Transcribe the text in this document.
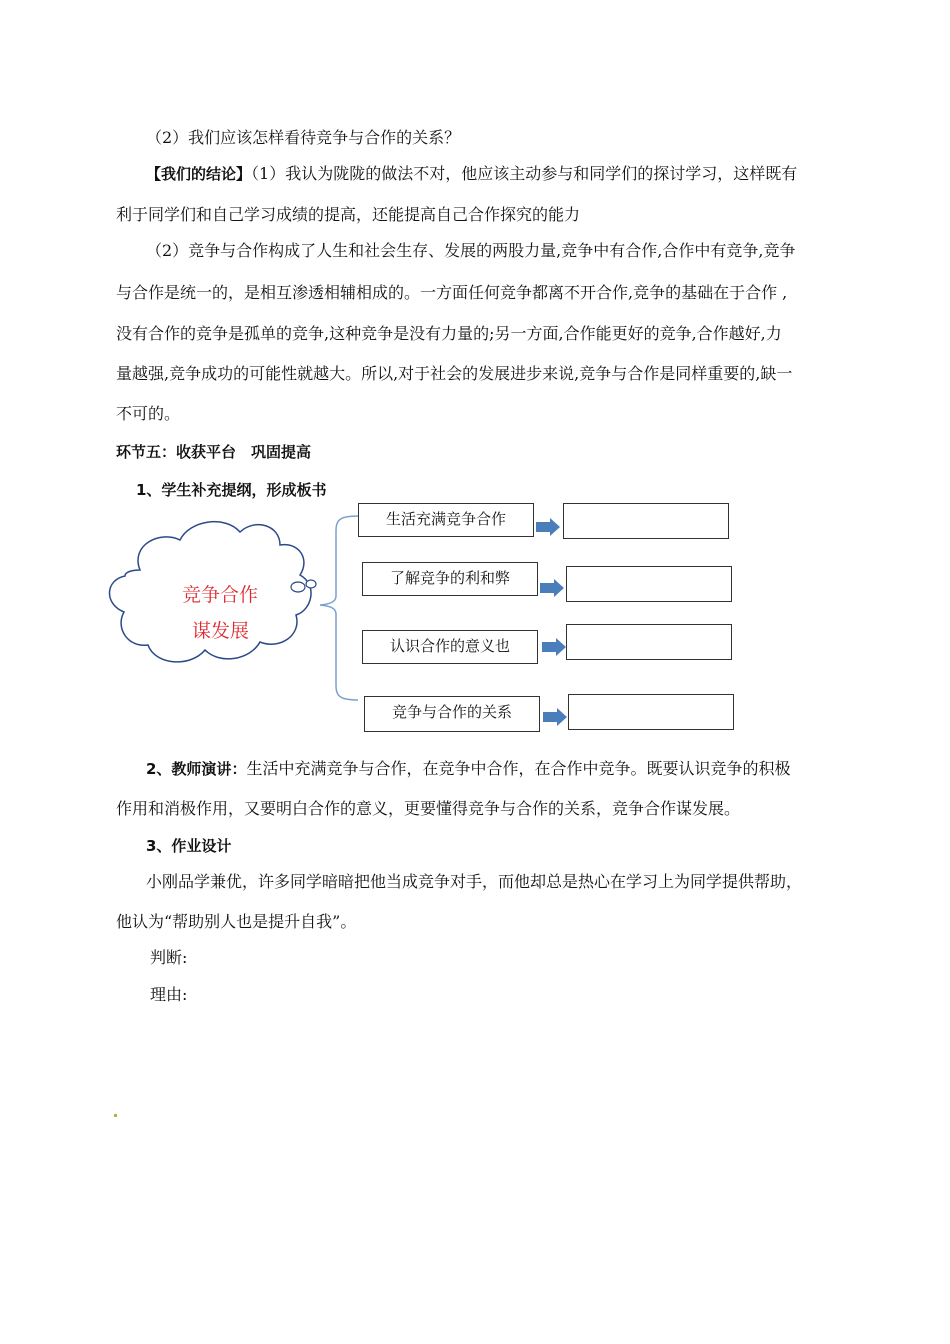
（2）我们应该怎样看待竞争与合作的关系？
【我们的结论】（1）我认为陇陇的做法不对，他应该主动参与和同学们的探讨学习，这样既有
利于同学们和自己学习成绩的提高，还能提高自己合作探究的能力
（2）竞争与合作构成了人生和社会生存、发展的两股力量,竞争中有合作,合作中有竞争,竞争
与合作是统一的，是相互渗透相辅相成的。一方面任何竞争都离不开合作,竞争的基础在于合作 ,
没有合作的竞争是孤单的竞争,这种竞争是没有力量的;另一方面,合作能更好的竞争,合作越好,力
量越强,竞争成功的可能性就越大。所以,对于社会的发展进步来说,竞争与合作是同样重要的,缺一
不可的。
环节五：收获平台　巩固提高
1、学生补充提纲，形成板书
竞争合作
谋发展
生活充满竞争合作
了解竞争的利和弊
认识合作的意义也
竞争与合作的关系
2、教师演讲：生活中充满竞争与合作，在竞争中合作，在合作中竞争。既要认识竞争的积极
作用和消极作用，又要明白合作的意义，更要懂得竞争与合作的关系，竞争合作谋发展。
3、作业设计
小刚品学兼优，许多同学暗暗把他当成竞争对手，而他却总是热心在学习上为同学提供帮助，
他认为“帮助别人也是提升自我”。
判断:
理由:
